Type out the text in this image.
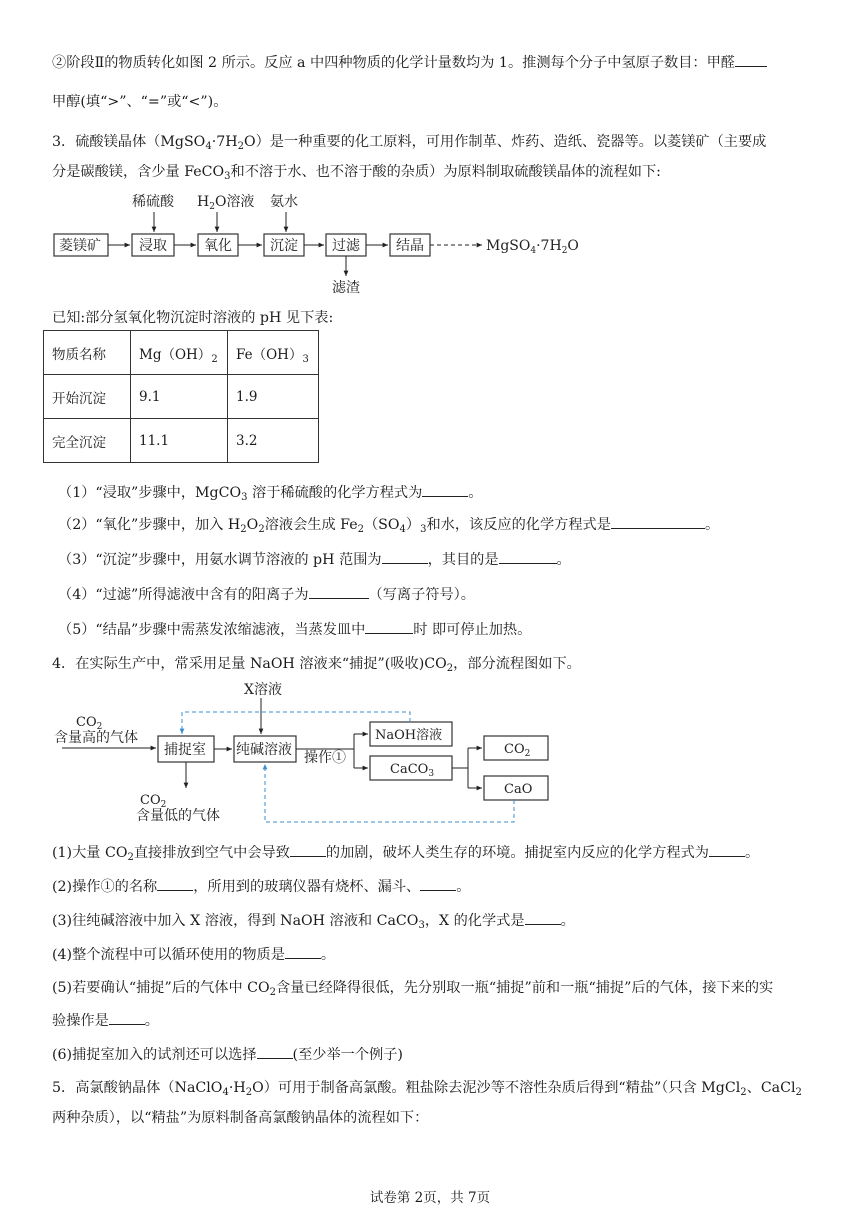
②阶段Ⅱ的物质转化如图 2 所示。反应 a 中四种物质的化学计量数均为 1。推测每个分子中氢原子数目：甲醛
甲醇(填“>”、“=”或“<”)。
3．硫酸镁晶体$(MgSO_4\cdot 7H_2O)$是一种重要的化工原料，可用作制革、炸药、造纸、瓷器等。以菱镁矿（主要成
分是碳酸镁，含少量 FeCO$_3$和不溶于水、也不溶于酸的杂质）为原料制取硫酸镁晶体的流程如下:
稀硫酸 $H_2O$溶液 氨水
菱镁矿	浸取	氧化	沉淀 过滤	结晶
滤渣
$MgSO_4\cdot 7H_2O$
已知:部分氢氧化物沉淀时溶液的 pH 见下表:
物质名称	$Mg(OH)_2$	$Fe(OH)_3$
开始沉淀	9.1	1.9
完全沉淀	11.1	3.2
（1）“浸取”步骤中，MgCO$_3$ 溶于稀硫酸的化学方程式为	。
（2）“氧化”步骤中，加入 $H_2O_2$溶液会生成 $Fe_2(SO_4)_3$和水，该反应的化学方程式是	。
（3）“沉淀”步骤中，用氨水调节溶液的 pH 范围为	，其目的是	。
（4）“过滤”所得滤液中含有的阳离子为	（写离子符号）。
（5）“结晶”步骤中需蒸发浓缩滤液，当蒸发皿中	时 即可停止加热。
4．在实际生产中，常采用足量 NaOH 溶液来“捕捉”(吸收)$CO_2$，部分流程图如下。
X溶液
$CO_2$
含量高的气体
$CO_2$
含量低的气体
操作①
捕捉室 纯碱溶液
NaOH溶液
CaCO$_3$
$CO_2$
CaO
(1)大量 $CO_2$直接排放到空气中会导致	的加剧，破坏人类生存的环境。捕捉室内反应的化学方程式为	。
(2)操作①的名称	，所用到的玻璃仪器有烧杯、漏斗、	。
(3)往纯碱溶液中加入 X 溶液，得到 NaOH 溶液和 CaCO$_3$，X 的化学式是	。
(4)整个流程中可以循环使用的物质是	。
(5)若要确认“捕捉”后的气体中 $CO_2$含量已经降得很低，先分别取一瓶“捕捉”前和一瓶“捕捉”后的气体，接下来的实
验操作是	。
(6)捕捉室加入的试剂还可以选择	(至少举一个例子)
5．高氯酸钠晶体$(NaClO_4\cdot H_2O)$可用于制备高氯酸。粗盐除去泥沙等不溶性杂质后得到“精盐”（只含 MgCl$_2$、CaCl$_2$
两种杂质），以“精盐”为原料制备高氯酸钠晶体的流程如下：
试卷第 2页，共 7页
